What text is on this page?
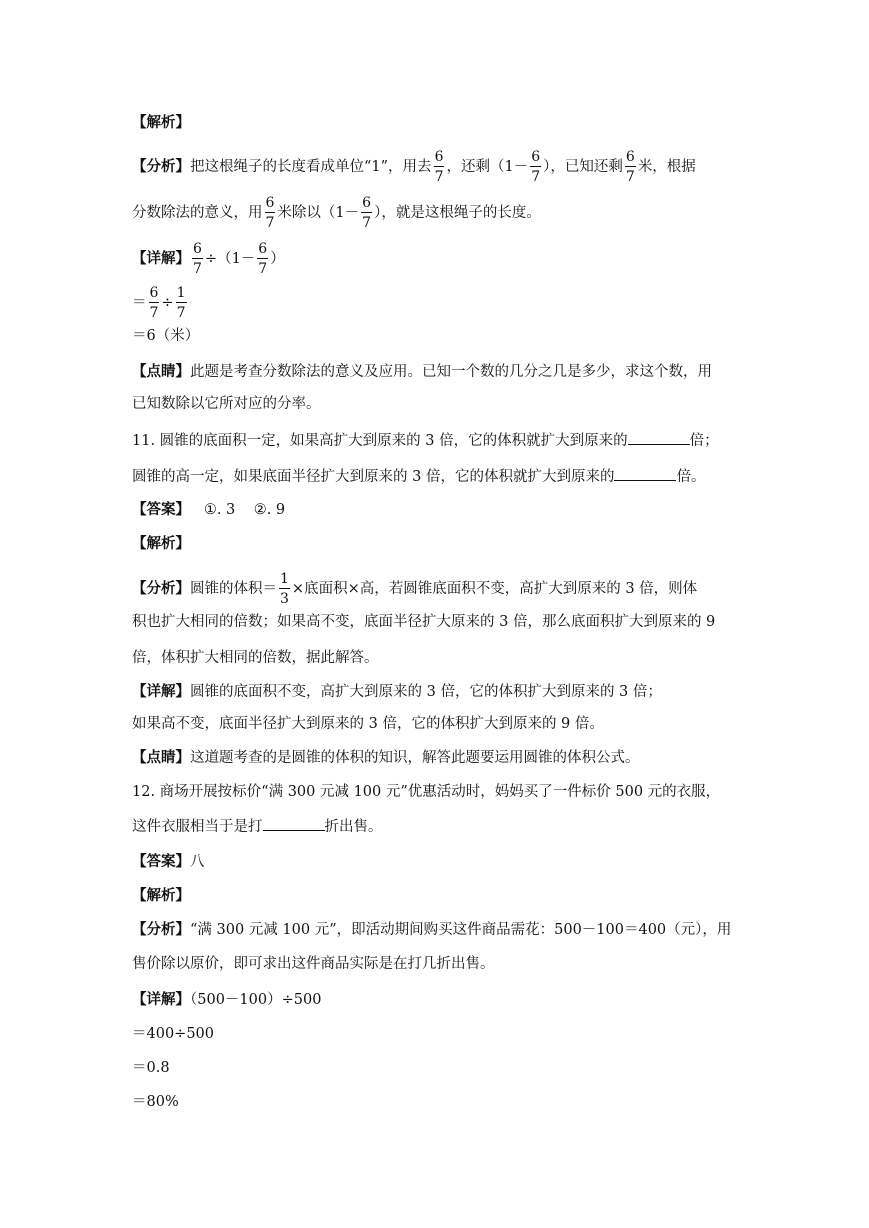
【解析】
【分析】把这根绳子的长度看成单位“1”，用去 $\frac{6}{7}$ ，还剩（$1- \frac{6}{7}$ ），已知还剩 $\frac{6}{7}$ 米，根据
分数除法的意义，用 $\frac{6}{7}$ 米除以（$1- \frac{6}{7}$ ），就是这根绳子的长度。
【详解】 $\frac{6}{7} \div(1- \frac{6}{7}$ ）
＝ $\frac{6}{7} \div \frac{1}{7}$
＝6（米）
【点睛】此题是考查分数除法的意义及应用。已知一个数的几分之几是多少，求这个数，用
已知数除以它所对应的分率。
11. 圆锥的底面积一定，如果高扩大到原来的 3 倍，它的体积就扩大到原来的	倍；
圆锥的高一定，如果底面半径扩大到原来的 3 倍，它的体积就扩大到原来的	倍。
【答案】   ①. 3    ②. 9
【解析】
【分析】圆锥的体积＝ $\frac{1}{3}$ ×底面积×高，若圆锥底面积不变，高扩大到原来的 3 倍，则体
积也扩大相同的倍数；如果高不变，底面半径扩大原来的 3 倍，那么底面积扩大到原来的 9
倍，体积扩大相同的倍数，据此解答。
【详解】圆锥的底面积不变，高扩大到原来的 3 倍，它的体积扩大到原来的 3 倍；
如果高不变，底面半径扩大到原来的 3 倍，它的体积扩大到原来的 9 倍。
【点睛】这道题考查的是圆锥的体积的知识，解答此题要运用圆锥的体积公式。
12. 商场开展按标价“满 300 元减 100 元”优惠活动时，妈妈买了一件标价 500 元的衣服，
这件衣服相当于是打	折出售。
【答案】八
【解析】
【分析】“满 300 元减 100 元”，即活动期间购买这件商品需花：500－100＝400（元），用
售价除以原价，即可求出这件商品实际是在打几折出售。
【详解】（500－100）÷500
＝400÷500
＝0.8
＝80%
